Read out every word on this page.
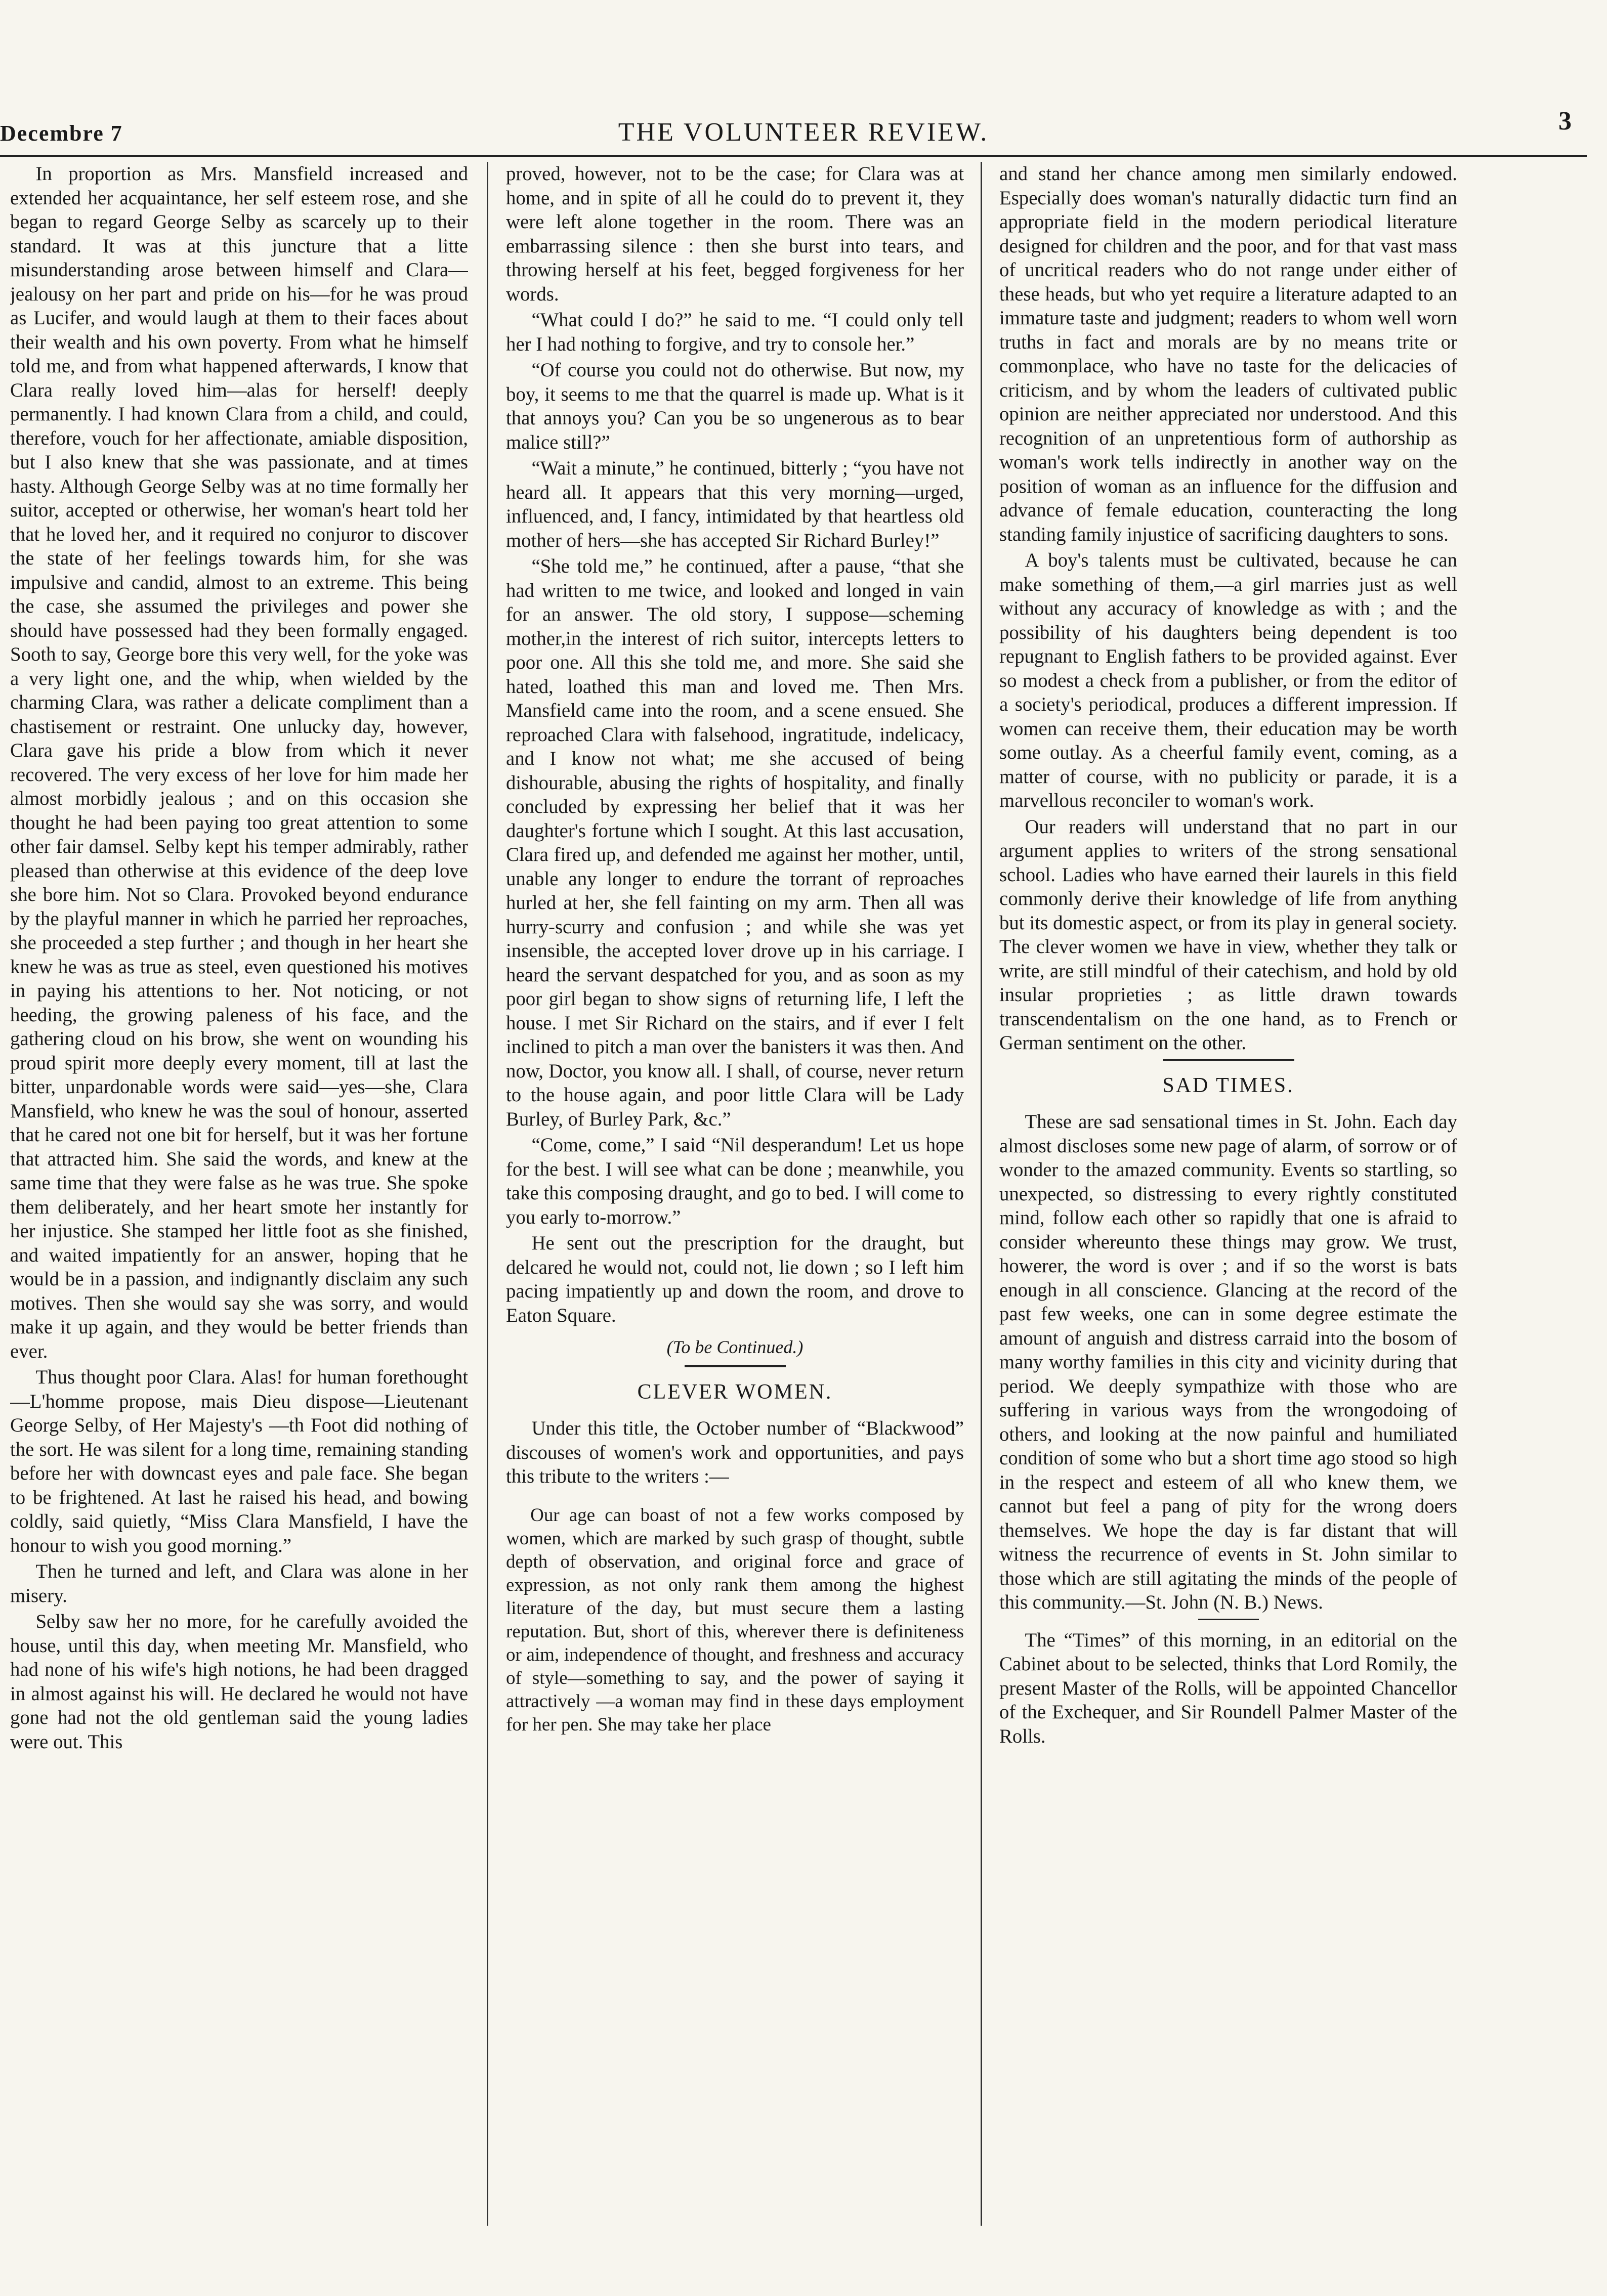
Decembre 7	THE VOLUNTEER REVIEW.	3

In proportion as Mrs. Mansfield increased and extended her acquaintance, her self esteem rose, and she began to regard George Selby as scarcely up to their standard. It was at this juncture that a litte misunderstanding arose between himself and Clara—jealousy on her part and pride on his—for he was proud as Lucifer, and would laugh at them to their faces about their wealth and his own poverty. From what he himself told me, and from what happened afterwards, I know that Clara really loved him—alas for herself! deeply permanently. I had known Clara from a child, and could, therefore, vouch for her affectionate, amiable disposition, but I also knew that she was passionate, and at times hasty. Although George Selby was at no time formally her suitor, accepted or otherwise, her woman's heart told her that he loved her, and it required no conjuror to discover the state of her feelings towards him, for she was impulsive and candid, almost to an extreme. This being the case, she assumed the privileges and power she should have possessed had they been formally engaged. Sooth to say, George bore this very well, for the yoke was a very light one, and the whip, when wielded by the charming Clara, was rather a delicate compliment than a chastisement or restraint. One unlucky day, however, Clara gave his pride a blow from which it never recovered. The very excess of her love for him made her almost morbidly jealous ; and on this occasion she thought he had been paying too great attention to some other fair damsel. Selby kept his temper admirably, rather pleased than otherwise at this evidence of the deep love she bore him. Not so Clara. Provoked beyond endurance by the playful manner in which he parried her reproaches, she proceeded a step further ; and though in her heart she knew he was as true as steel, even questioned his motives in paying his attentions to her. Not noticing, or not heeding, the growing paleness of his face, and the gathering cloud on his brow, she went on wounding his proud spirit more deeply every moment, till at last the bitter, unpardonable words were said—yes—she, Clara Mansfield, who knew he was the soul of honour, asserted that he cared not one bit for herself, but it was her fortune that attracted him. She said the words, and knew at the same time that they were false as he was true. She spoke them deliberately, and her heart smote her instantly for her injustice. She stamped her little foot as she finished, and waited impatiently for an answer, hoping that he would be in a passion, and indignantly disclaim any such motives. Then she would say she was sorry, and would make it up again, and they would be better friends than ever.

Thus thought poor Clara. Alas! for human forethought—L'homme propose, mais Dieu dispose—Lieutenant George Selby, of Her Majesty's —th Foot did nothing of the sort. He was silent for a long time, remaining standing before her with downcast eyes and pale face. She began to be frightened. At last he raised his head, and bowing coldly, said quietly, “Miss Clara Mansfield, I have the honour to wish you good morning.”

Then he turned and left, and Clara was alone in her misery.

Selby saw her no more, for he carefully avoided the house, until this day, when meeting Mr. Mansfield, who had none of his wife's high notions, he had been dragged in almost against his will. He declared he would not have gone had not the old gentleman said the young ladies were out. This

proved, however, not to be the case; for Clara was at home, and in spite of all he could do to prevent it, they were left alone together in the room. There was an embarrassing silence : then she burst into tears, and throwing herself at his feet, begged forgiveness for her words.

“What could I do?” he said to me. “I could only tell her I had nothing to forgive, and try to console her.”

“Of course you could not do otherwise. But now, my boy, it seems to me that the quarrel is made up. What is it that annoys you? Can you be so ungenerous as to bear malice still?”

“Wait a minute,” he continued, bitterly ; “you have not heard all. It appears that this very morning—urged, influenced, and, I fancy, intimidated by that heartless old mother of hers—she has accepted Sir Richard Burley!”

“She told me,” he continued, after a pause, “that she had written to me twice, and looked and longed in vain for an answer. The old story, I suppose—scheming mother,in the interest of rich suitor, intercepts letters to poor one. All this she told me, and more. She said she hated, loathed this man and loved me. Then Mrs. Mansfield came into the room, and a scene ensued. She reproached Clara with falsehood, ingratitude, indelicacy, and I know not what; me she accused of being dishourable, abusing the rights of hospitality, and finally concluded by expressing her belief that it was her daughter's fortune which I sought. At this last accusation, Clara fired up, and defended me against her mother, until, unable any longer to endure the torrant of reproaches hurled at her, she fell fainting on my arm. Then all was hurry-scurry and confusion ; and while she was yet insensible, the accepted lover drove up in his carriage. I heard the servant despatched for you, and as soon as my poor girl began to show signs of returning life, I left the house. I met Sir Richard on the stairs, and if ever I felt inclined to pitch a man over the banisters it was then. And now, Doctor, you know all. I shall, of course, never return to the house again, and poor little Clara will be Lady Burley, of Burley Park, &c.”

“Come, come,” I said “Nil desperandum! Let us hope for the best. I will see what can be done ; meanwhile, you take this composing draught, and go to bed. I will come to you early to-morrow.”

He sent out the prescription for the draught, but delcared he would not, could not, lie down ; so I left him pacing impatiently up and down the room, and drove to Eaton Square.

(To be Continued.)
CLEVER WOMEN.

Under this title, the October number of “Blackwood” discouses of women's work and opportunities, and pays this tribute to the writers :—

Our age can boast of not a few works composed by women, which are marked by such grasp of thought, subtle depth of observation, and original force and grace of expression, as not only rank them among the highest literature of the day, but must secure them a lasting reputation. But, short of this, wherever there is definiteness or aim, independence of thought, and freshness and accuracy of style—something to say, and the power of saying it attractively —a woman may find in these days employment for her pen. She may take her place

and stand her chance among men similarly endowed. Especially does woman's naturally didactic turn find an appropriate field in the modern periodical literature designed for children and the poor, and for that vast mass of uncritical readers who do not range under either of these heads, but who yet require a literature adapted to an immature taste and judgment; readers to whom well worn truths in fact and morals are by no means trite or commonplace, who have no taste for the delicacies of criticism, and by whom the leaders of cultivated public opinion are neither appreciated nor understood. And this recognition of an unpretentious form of authorship as woman's work tells indirectly in another way on the position of woman as an influence for the diffusion and advance of female education, counteracting the long standing family injustice of sacrificing daughters to sons.

A boy's talents must be cultivated, because he can make something of them,—a girl marries just as well without any accuracy of knowledge as with ; and the possibility of his daughters being dependent is too repugnant to English fathers to be provided against. Ever so modest a check from a publisher, or from the editor of a society's periodical, produces a different impression. If women can receive them, their education may be worth some outlay. As a cheerful family event, coming, as a matter of course, with no publicity or parade, it is a marvellous reconciler to woman's work.

Our readers will understand that no part in our argument applies to writers of the strong sensational school. Ladies who have earned their laurels in this field commonly derive their knowledge of life from anything but its domestic aspect, or from its play in general society. The clever women we have in view, whether they talk or write, are still mindful of their catechism, and hold by old insular proprieties ; as little drawn towards transcendentalism on the one hand, as to French or German sentiment on the other.

SAD TIMES.

These are sad sensational times in St. John. Each day almost discloses some new page of alarm, of sorrow or of wonder to the amazed community. Events so startling, so unexpected, so distressing to every rightly constituted mind, follow each other so rapidly that one is afraid to consider whereunto these things may grow. We trust, howerer, the word is over ; and if so the worst is bats enough in all conscience. Glancing at the record of the past few weeks, one can in some degree estimate the amount of anguish and distress carraid into the bosom of many worthy families in this city and vicinity during that period. We deeply sympathize with those who are suffering in various ways from the wrongodoing of others, and looking at the now painful and humiliated condition of some who but a short time ago stood so high in the respect and esteem of all who knew them, we cannot but feel a pang of pity for the wrong doers themselves. We hope the day is far distant that will witness the recurrence of events in St. John similar to those which are still agitating the minds of the people of this community.—St. John (N. B.) News.

The “Times” of this morning, in an editorial on the Cabinet about to be selected, thinks that Lord Romily, the present Master of the Rolls, will be appointed Chancellor of the Exchequer, and Sir Roundell Palmer Master of the Rolls.
